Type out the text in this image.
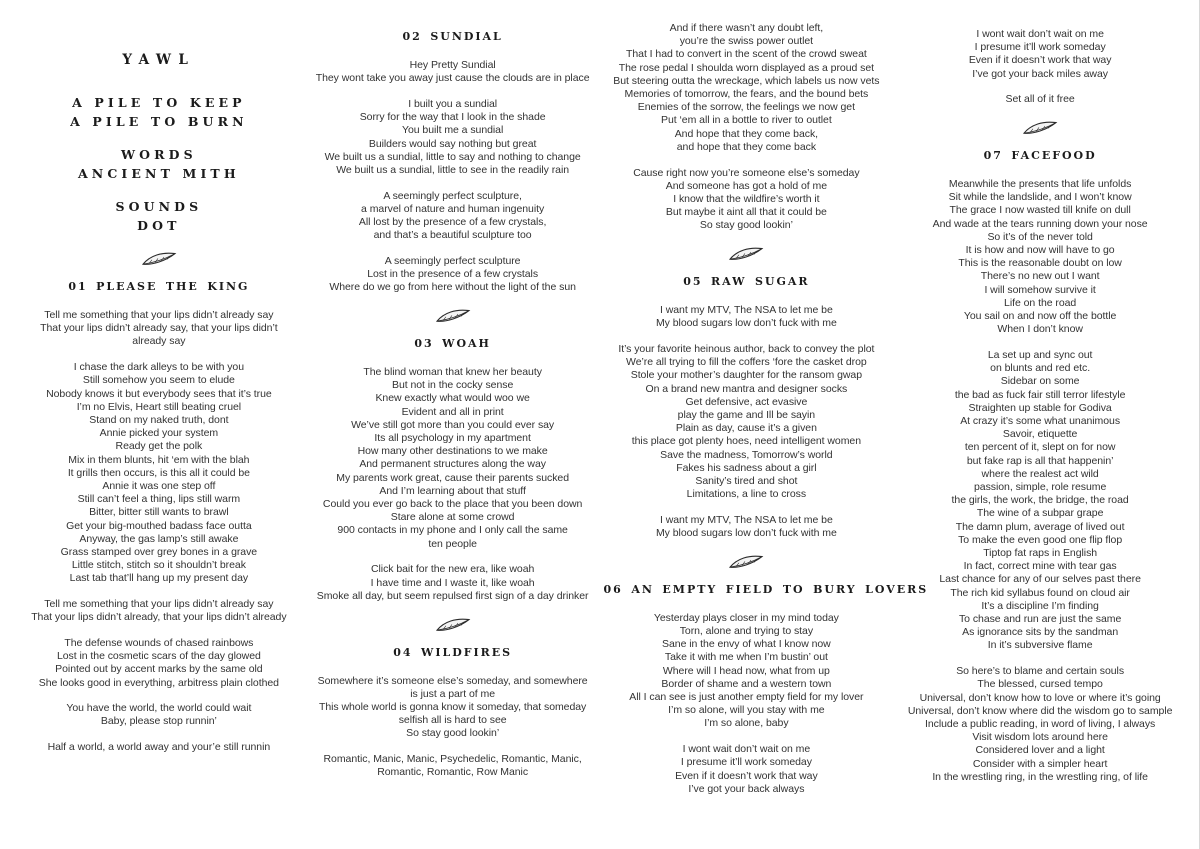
YAWL
A PILE TO KEEP
A PILE TO BURN
WORDS
ANCIENT MITH
SOUNDS
DOT
01 PLEASE THE KING
Tell me something that your lips didn’t already say
That your lips didn’t already say, that your lips didn’t
already say
I chase the dark alleys to be with you
Still somehow you seem to elude
Nobody knows it but everybody sees that it’s true
I’m no Elvis, Heart still beating cruel
Stand on my naked truth, dont
Annie picked your system
Ready get the polk
Mix in them blunts, hit ‘em with the blah
It grills then occurs, is this all it could be
Annie it was one step off
Still can’t feel a thing, lips still warm
Bitter, bitter still wants to brawl
Get your big-mouthed badass face outta
Anyway, the gas lamp’s still awake
Grass stamped over grey bones in a grave
Little stitch, stitch so it shouldn’t break
Last tab that’ll hang up my present day
Tell me something that your lips didn’t already say
That your lips didn’t already, that your lips didn’t already
The defense wounds of chased rainbows
Lost in the cosmetic scars of the day glowed
Pointed out by accent marks by the same old
She looks good in everything, arbitress plain clothed
You have the world, the world could wait
Baby, please stop runnin’
Half a world, a world away and your’e still runnin
02 SUNDIAL
Hey Pretty Sundial
They wont take you away just cause the clouds are in place
I built you a sundial
Sorry for the way that I look in the shade
You built me a sundial
Builders would say nothing but great
We built us a sundial, little to say and nothing to change
We built us a sundial, little to see in the readily rain
A seemingly perfect sculpture,
a marvel of nature and human ingenuity
All lost by the presence of a few crystals,
and that’s a beautiful sculpture too
A seemingly perfect sculpture
Lost in the presence of a few crystals
Where do we go from here without the light of the sun
03 WOAH
The blind woman that knew her beauty
But not in the cocky sense
Knew exactly what would woo we
Evident and all in print
We’ve still got more than you could ever say
Its all psychology in my apartment
How many other destinations to we make
And permanent structures along the way
My parents work great, cause their parents sucked
And I’m learning about that stuff
Could you ever go back to the place that you been down
Stare alone at some crowd
900 contacts in my phone and I only call the same
ten people
Click bait for the new era, like woah
I have time and I waste it, like woah
Smoke all day, but seem repulsed first sign of a day drinker
04 WILDFIRES
Somewhere it’s someone else’s someday, and somewhere
is just a part of me
This whole world is gonna know it someday, that someday
selfish all is hard to see
So stay good lookin’
Romantic, Manic, Manic, Psychedelic, Romantic, Manic,
Romantic, Romantic, Row Manic
And if there wasn’t any doubt left,
you’re the swiss power outlet
That I had to convert in the scent of the crowd sweat
The rose pedal I shoulda worn displayed as a proud set
But steering outta the wreckage, which labels us now vets
Memories of tomorrow, the fears, and the bound bets
Enemies of the sorrow, the feelings we now get
Put ‘em all in a bottle to river to outlet
And hope that they come back,
and hope that they come back
Cause right now you’re someone else’s someday
And someone has got a hold of me
I know that the wildfire’s worth it
But maybe it aint all that it could be
So stay good lookin’
05 RAW SUGAR
I want my MTV, The NSA to let me be
My blood sugars low don’t fuck with me
It’s your favorite heinous author, back to convey the plot
We’re all trying to fill the coffers ‘fore the casket drop
Stole your mother’s daughter for the ransom gwap
On a brand new mantra and designer socks
Get defensive, act evasive
play the game and Ill be sayin
Plain as day, cause it’s a given
this place got plenty hoes, need intelligent women
Save the madness, Tomorrow’s world
Fakes his sadness about a girl
Sanity’s tired and shot
Limitations, a line to cross
I want my MTV, The NSA to let me be
My blood sugars low don’t fuck with me
06 AN EMPTY FIELD TO BURY LOVERS
Yesterday plays closer in my mind today
Torn, alone and trying to stay
Sane in the envy of what I know now
Take it with me when I’m bustin’ out
Where will I head now, what from up
Border of shame and a western town
All I can see is just another empty field for my lover
I’m so alone, will you stay with me
I’m so alone, baby
I wont wait don’t wait on me
I presume it’ll work someday
Even if it doesn’t work that way
I’ve got your back always
I wont wait don’t wait on me
I presume it’ll work someday
Even if it doesn’t work that way
I’ve got your back miles away
Set all of it free
07 FACEFOOD
Meanwhile the presents that life unfolds
Sit while the landslide, and I won’t know
The grace I now wasted till knife on dull
And wade at the tears running down your nose
So it’s of the never told
It is how and now will have to go
This is the reasonable doubt on low
There’s no new out I want
I will somehow survive it
Life on the road
You sail on and now off the bottle
When I don’t know
La set up and sync out
on blunts and red etc.
Sidebar on some
the bad as fuck fair still terror lifestyle
Straighten up stable for Godiva
At crazy it’s some what unanimous
Savoir, etiquette
ten percent of it, slept on for now
but fake rap is all that happenin’
where the realest act wild
passion, simple, role resume
the girls, the work, the bridge, the road
The wine of a subpar grape
The damn plum, average of lived out
To make the even good one flip flop
Tiptop fat raps in English
In fact, correct mine with tear gas
Last chance for any of our selves past there
The rich kid syllabus found on cloud air
It’s a discipline I’m finding
To chase and run are just the same
As ignorance sits by the sandman
In it’s subversive flame
So here’s to blame and certain souls
The blessed, cursed tempo
Universal, don’t know how to love or where it’s going
Universal, don’t know where did the wisdom go to sample
Include a public reading, in word of living, I always
Visit wisdom lots around here
Considered lover and a light
Consider with a simpler heart
In the wrestling ring, in the wrestling ring, of life
